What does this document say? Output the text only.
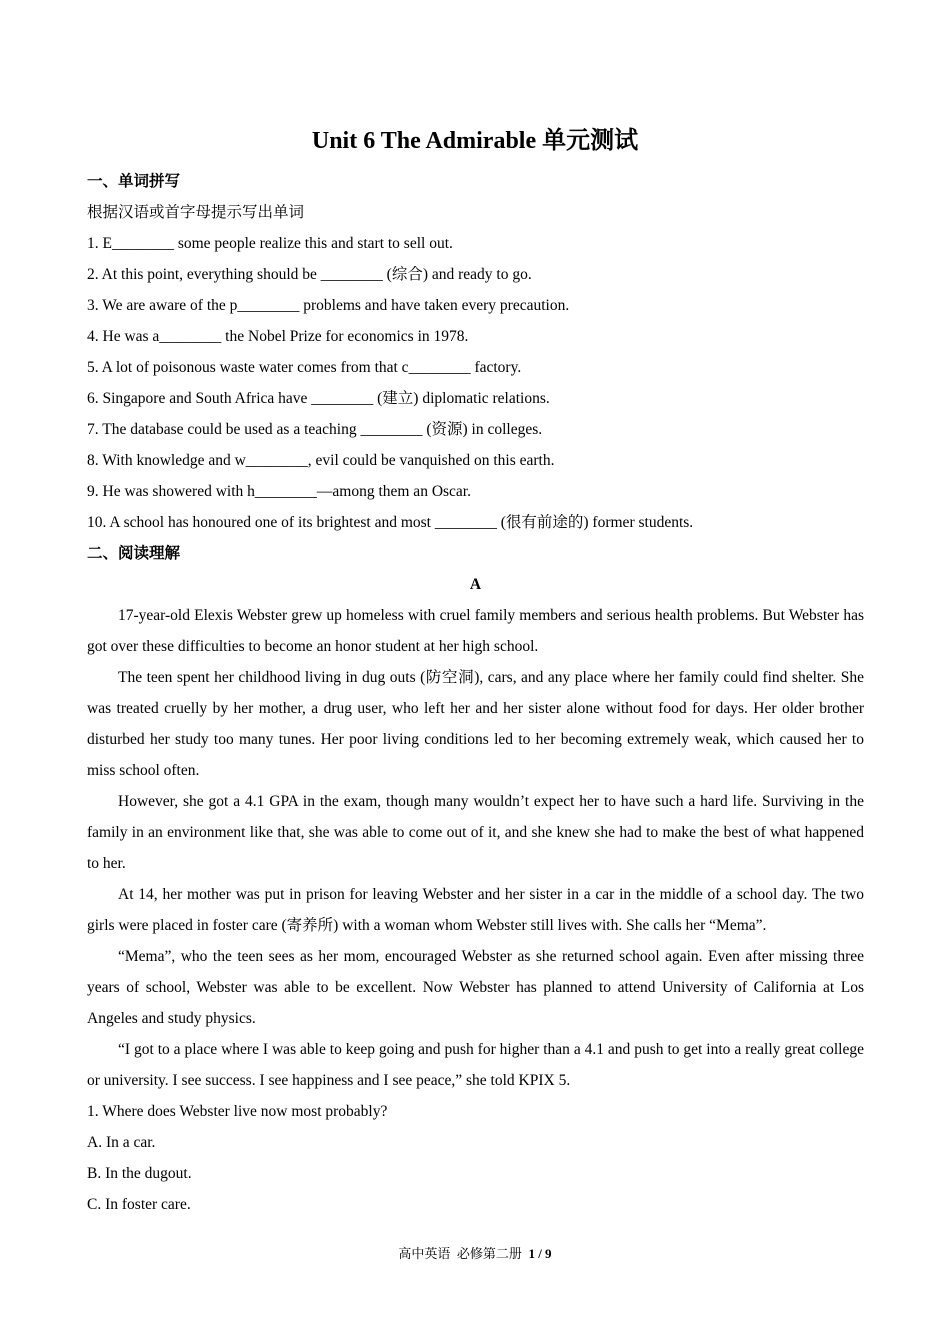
Unit 6 The Admirable 单元测试

一、单词拼写

根据汉语或首字母提示写出单词

1. E________ some people realize this and start to sell out.

2. At this point, everything should be ________ (综合) and ready to go.

3. We are aware of the p________ problems and have taken every precaution.

4. He was a________ the Nobel Prize for economics in 1978.

5. A lot of poisonous waste water comes from that c________ factory.

6. Singapore and South Africa have ________ (建立) diplomatic relations.

7. The database could be used as a teaching ________ (资源) in colleges.

8. With knowledge and w________, evil could be vanquished on this earth.

9. He was showered with h________—among them an Oscar.

10. A school has honoured one of its brightest and most ________ (很有前途的) former students.

二、阅读理解

A

17-year-old Elexis Webster grew up homeless with cruel family members and serious health problems. But Webster has got over these difficulties to become an honor student at her high school.

The teen spent her childhood living in dug outs (防空洞), cars, and any place where her family could find shelter. She was treated cruelly by her mother, a drug user, who left her and her sister alone without food for days. Her older brother disturbed her study too many tunes. Her poor living conditions led to her becoming extremely weak, which caused her to miss school often.

However, she got a 4.1 GPA in the exam, though many wouldn’t expect her to have such a hard life. Surviving in the family in an environment like that, she was able to come out of it, and she knew she had to make the best of what happened to her.

At 14, her mother was put in prison for leaving Webster and her sister in a car in the middle of a school day. The two girls were placed in foster care (寄养所) with a woman whom Webster still lives with. She calls her “Mema”.

“Mema”, who the teen sees as her mom, encouraged Webster as she returned school again. Even after missing three years of school, Webster was able to be excellent. Now Webster has planned to attend University of California at Los Angeles and study physics.

“I got to a place where I was able to keep going and push for higher than a 4.1 and push to get into a really great college or university. I see success. I see happiness and I see peace,” she told KPIX 5.

1. Where does Webster live now most probably?

A. In a car.

B. In the dugout.

C. In foster care.

高中英语  必修第二册  1 / 9
